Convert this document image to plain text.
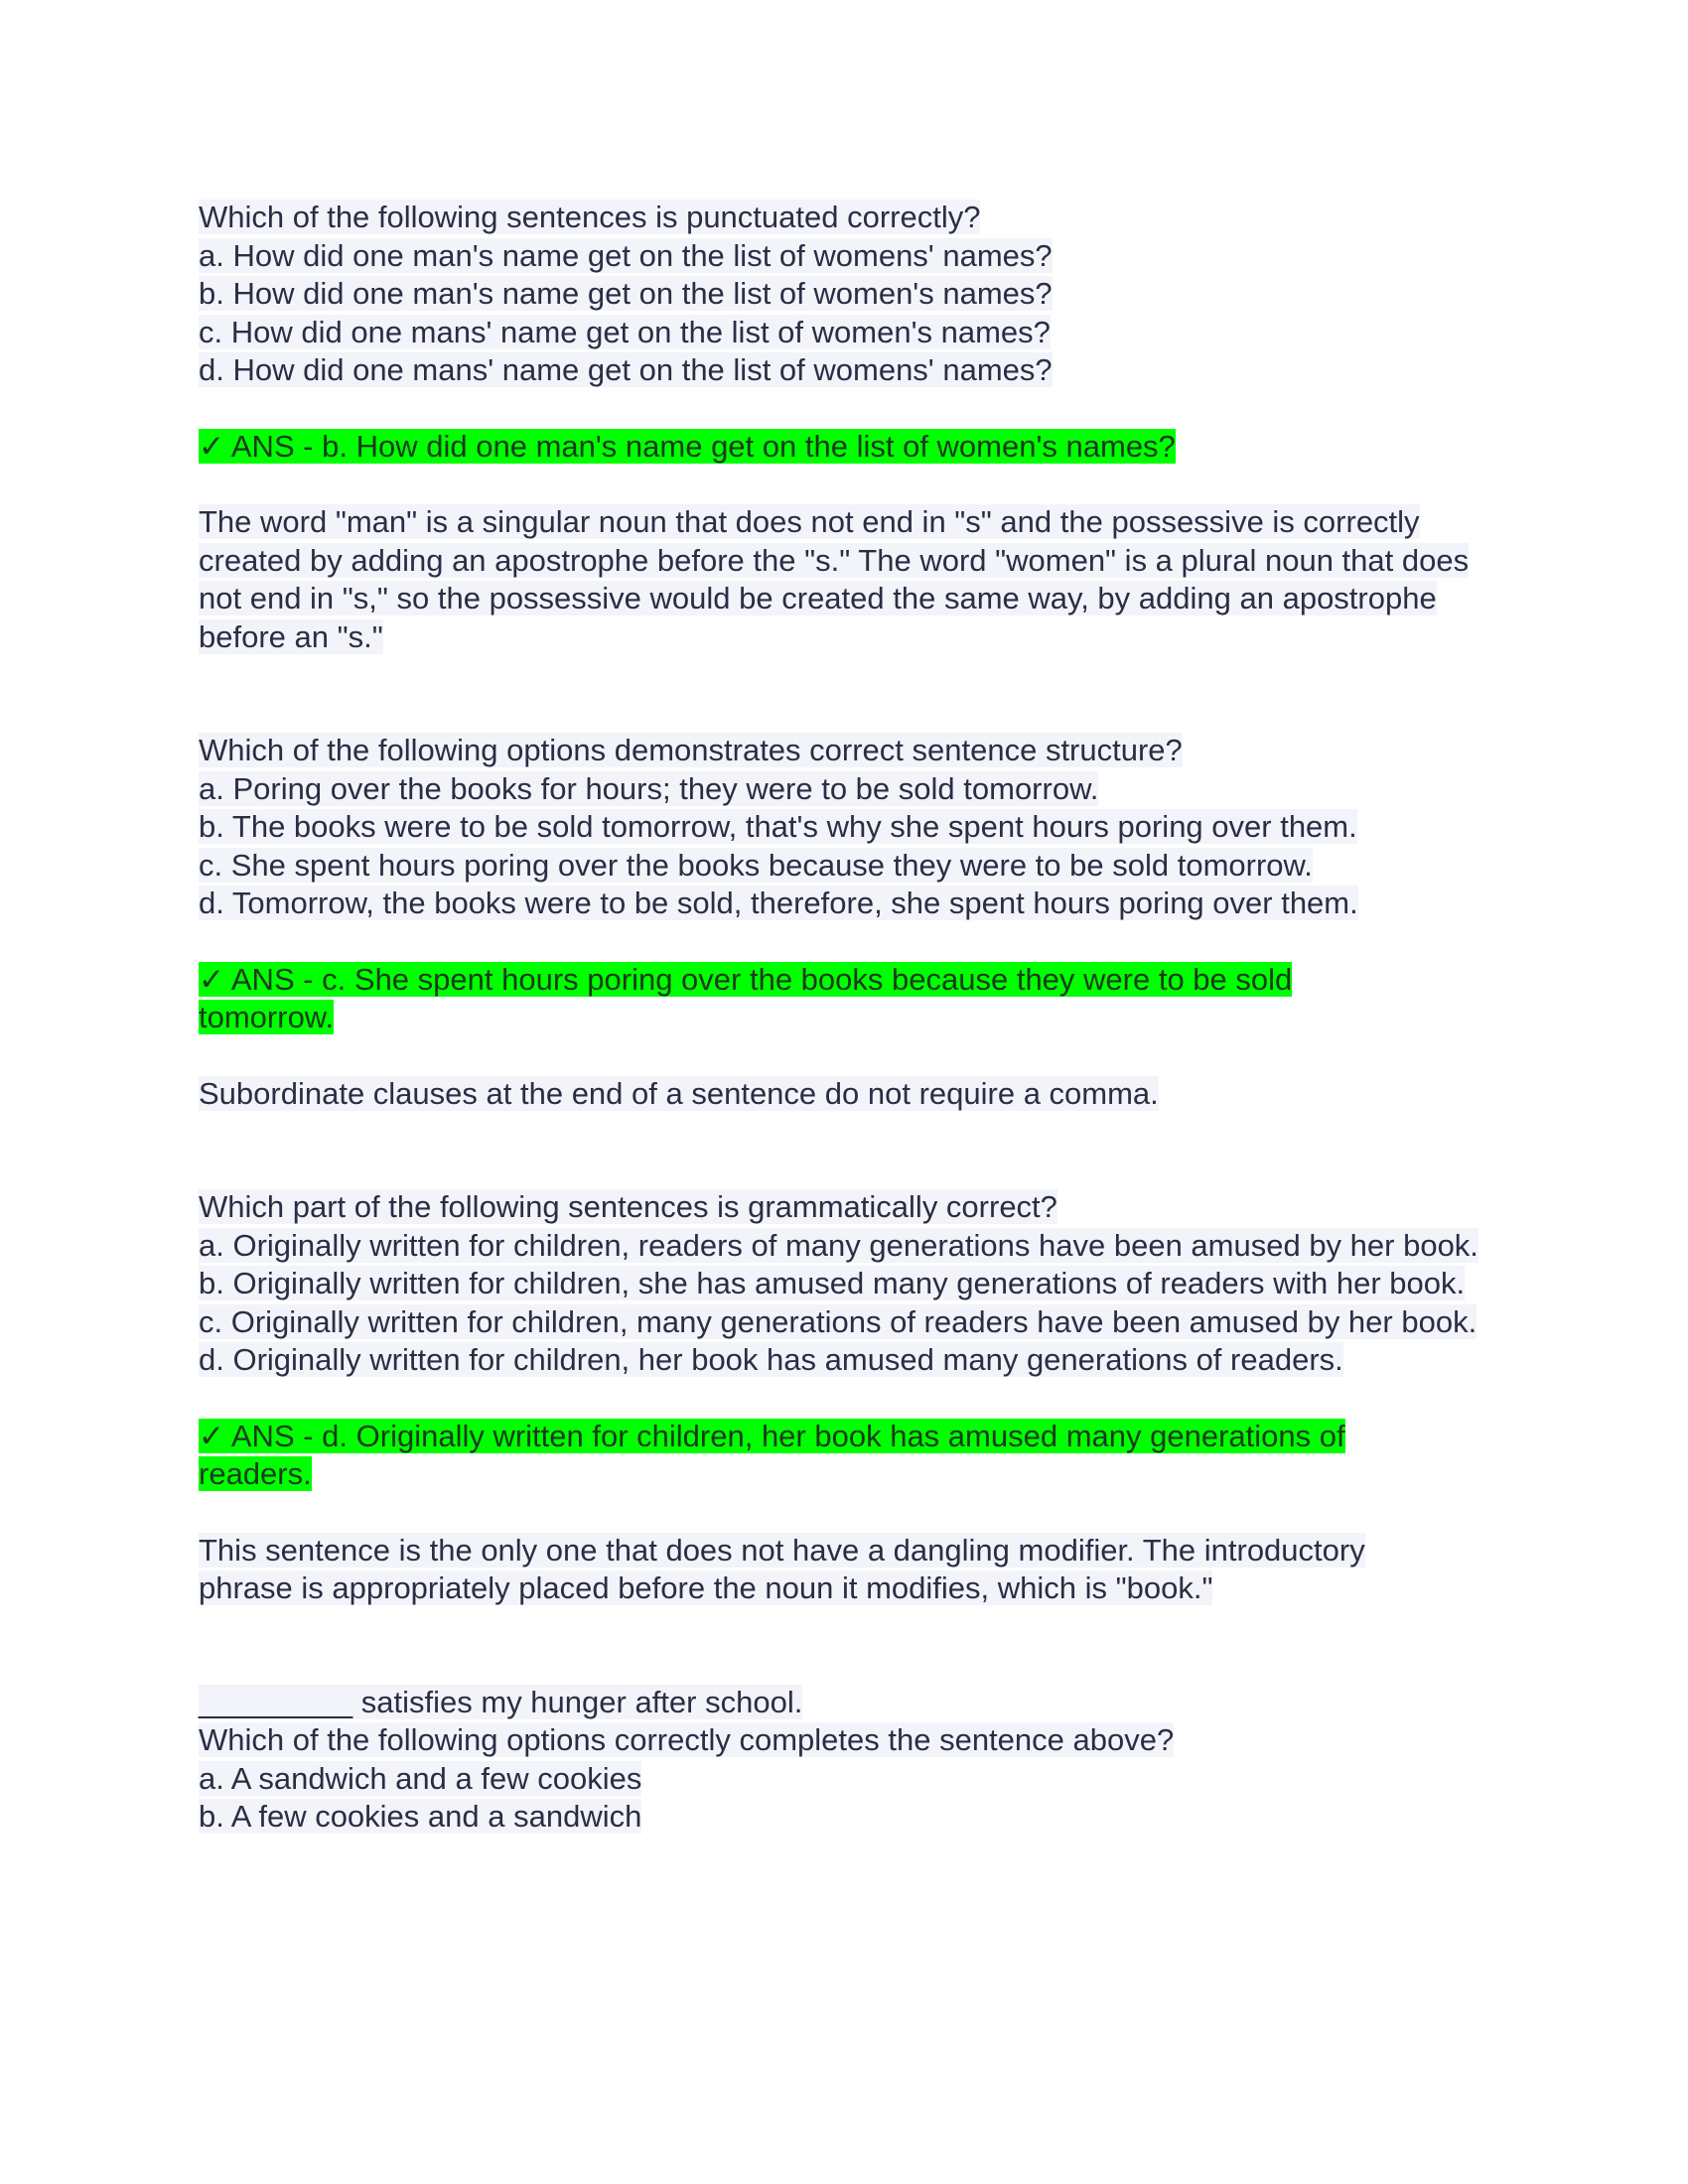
Which of the following sentences is punctuated correctly?

a. How did one man's name get on the list of womens' names?

b. How did one man's name get on the list of women's names?

c. How did one mans' name get on the list of women's names?

d. How did one mans' name get on the list of womens' names?

✓ ANS - b. How did one man's name get on the list of women's names?

The word "man" is a singular noun that does not end in "s" and the possessive is correctly created by adding an apostrophe before the "s." The word "women" is a plural noun that does not end in "s," so the possessive would be created the same way, by adding an apostrophe before an "s."

Which of the following options demonstrates correct sentence structure?

a. Poring over the books for hours; they were to be sold tomorrow.

b. The books were to be sold tomorrow, that's why she spent hours poring over them.

c. She spent hours poring over the books because they were to be sold tomorrow.

d. Tomorrow, the books were to be sold, therefore, she spent hours poring over them.

✓ ANS - c. She spent hours poring over the books because they were to be sold tomorrow.

Subordinate clauses at the end of a sentence do not require a comma.

Which part of the following sentences is grammatically correct?

a. Originally written for children, readers of many generations have been amused by her book.

b. Originally written for children, she has amused many generations of readers with her book.

c. Originally written for children, many generations of readers have been amused by her book.

d. Originally written for children, her book has amused many generations of readers.

✓ ANS - d. Originally written for children, her book has amused many generations of readers.

This sentence is the only one that does not have a dangling modifier. The introductory phrase is appropriately placed before the noun it modifies, which is "book."

_________ satisfies my hunger after school.

Which of the following options correctly completes the sentence above?

a. A sandwich and a few cookies

b. A few cookies and a sandwich
